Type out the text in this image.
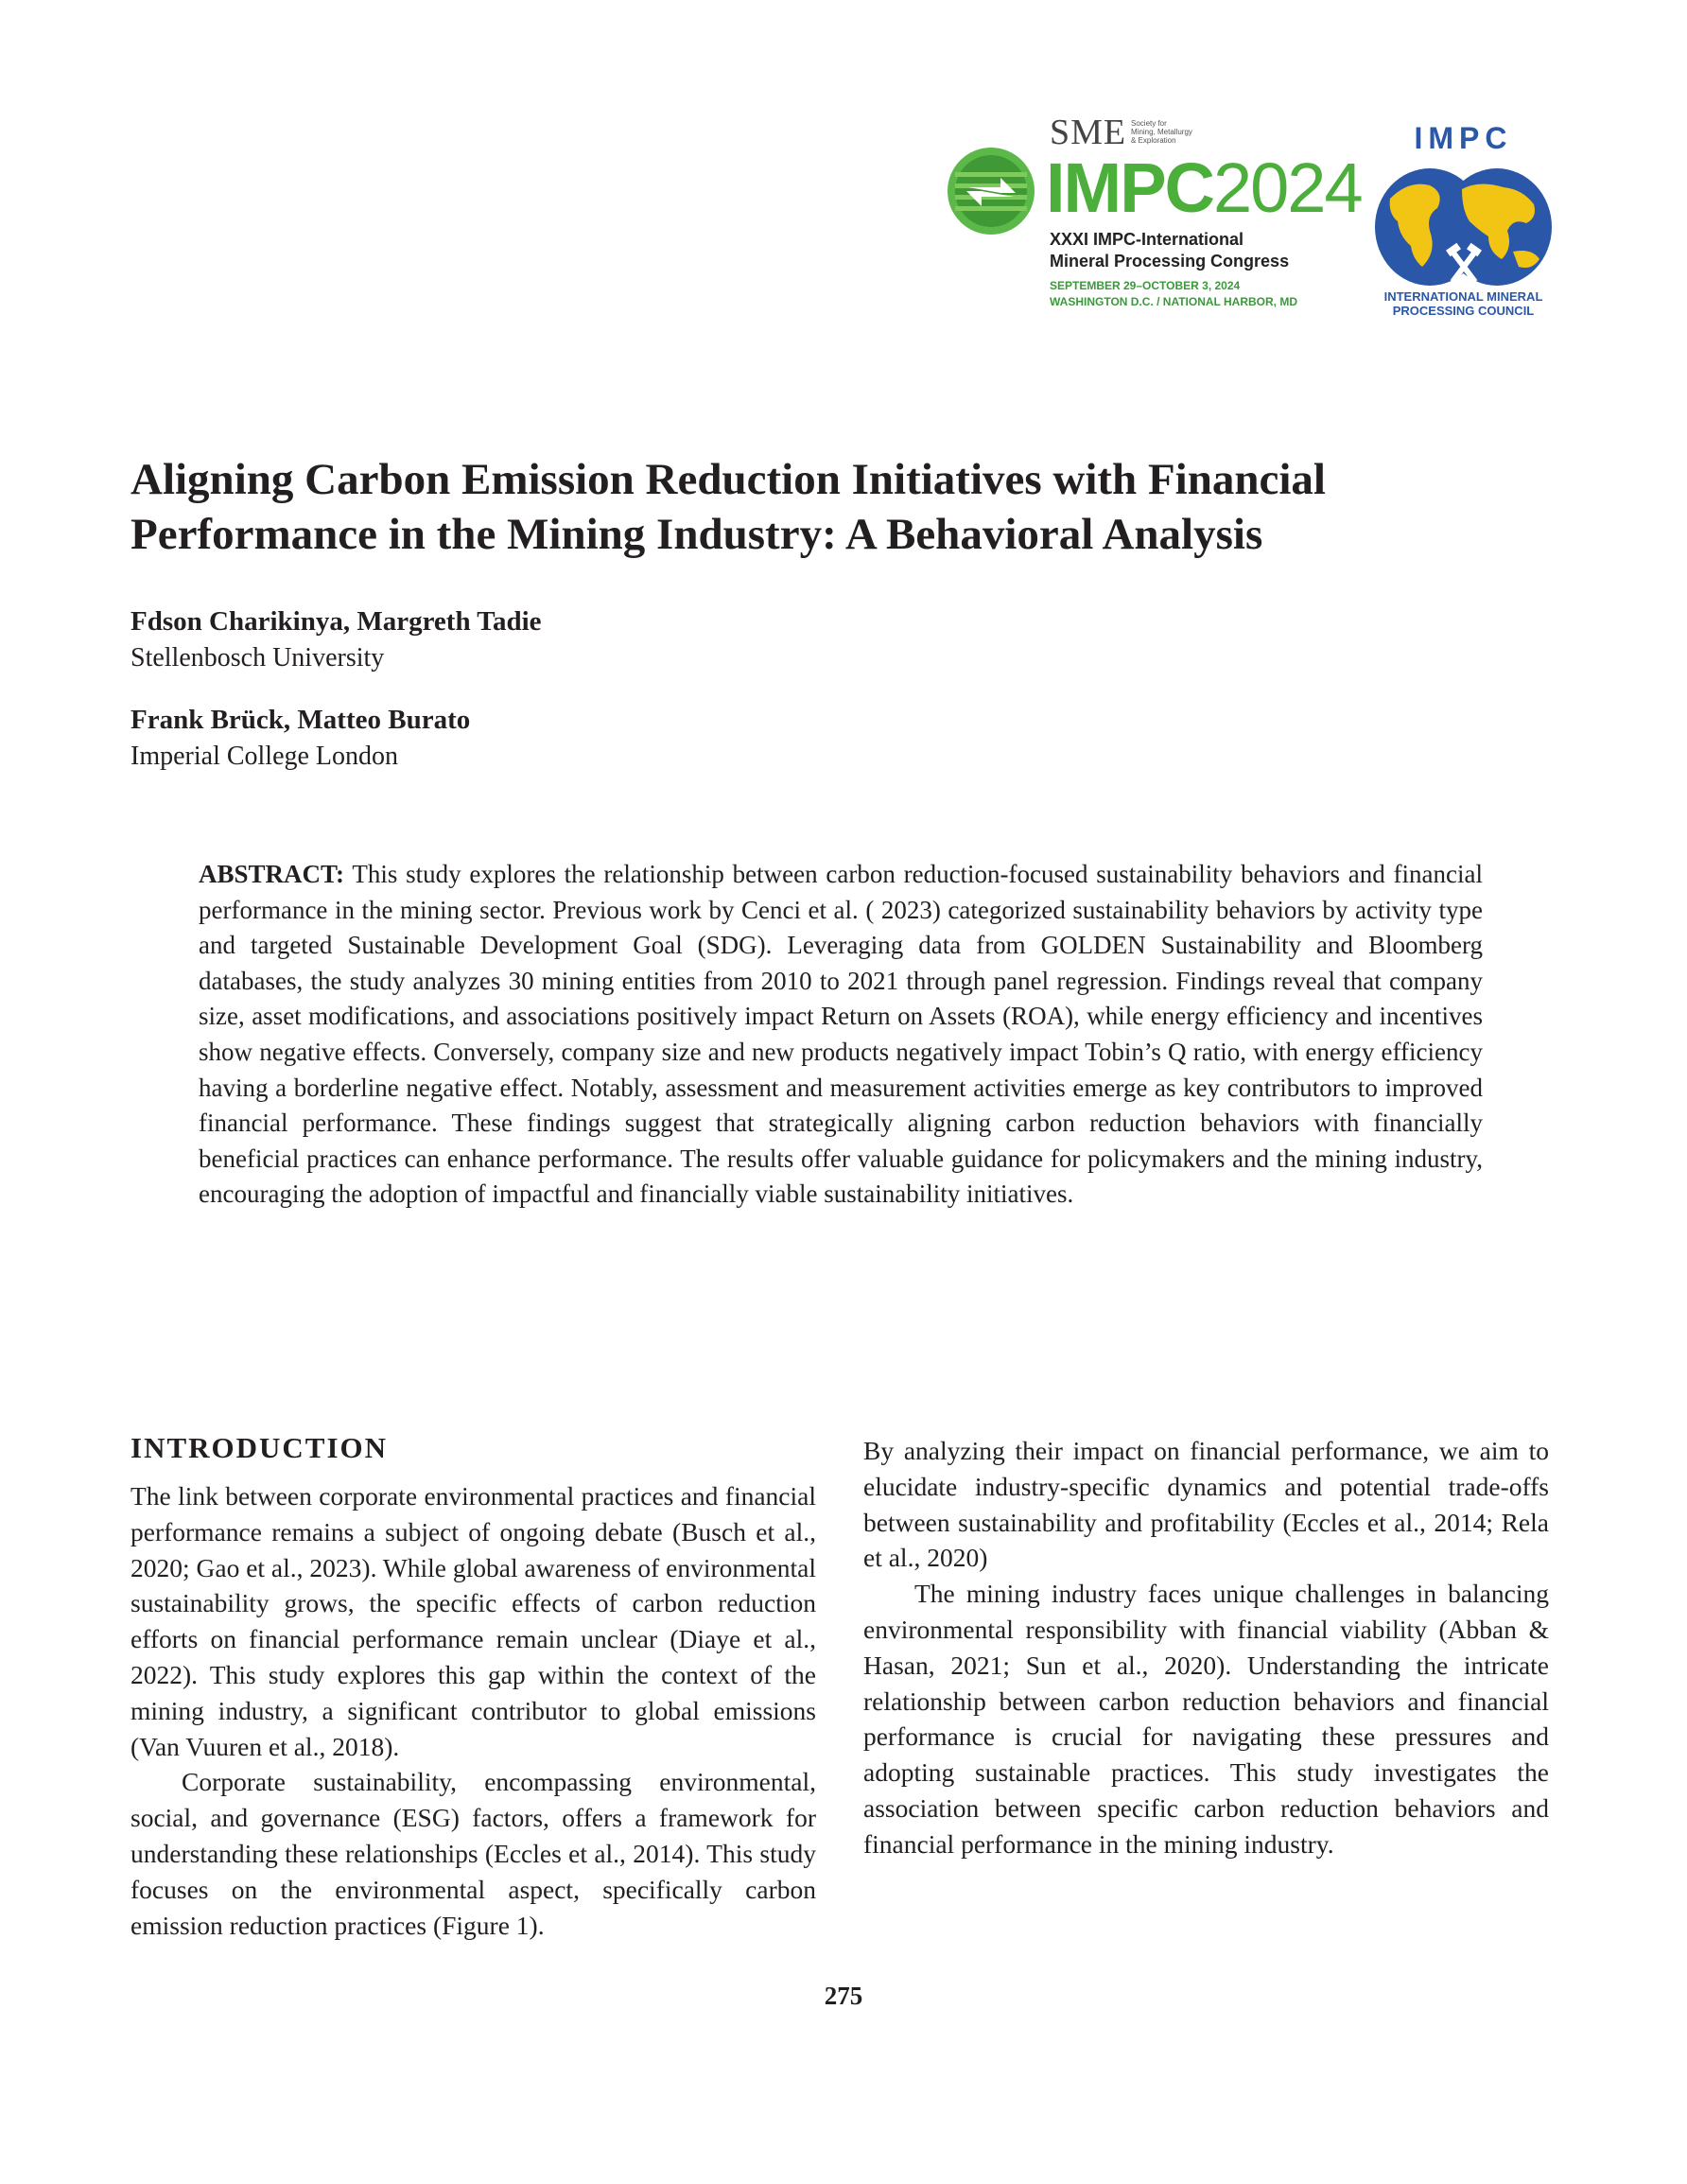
SME Society for
Mining, Metallurgy
& Exploration
IMPC2024
XXXI IMPC-International
Mineral Processing Congress
SEPTEMBER 29–OCTOBER 3, 2024
WASHINGTON D.C. / NATIONAL HARBOR, MD
IMPC
INTERNATIONAL MINERAL
PROCESSING COUNCIL
Aligning Carbon Emission Reduction Initiatives with Financial Performance in the Mining Industry: A Behavioral Analysis
Fdson Charikinya, Margreth Tadie
Stellenbosch University
Frank Brück, Matteo Burato
Imperial College London
ABSTRACT: This study explores the relationship between carbon reduction-focused sustainability behaviors and financial performance in the mining sector. Previous work by Cenci et al. ( 2023) categorized sustainability behaviors by activity type and targeted Sustainable Development Goal (SDG). Leveraging data from GOLDEN Sustainability and Bloomberg databases, the study analyzes 30 mining entities from 2010 to 2021 through panel regression. Findings reveal that company size, asset modifications, and associations positively impact Return on Assets (ROA), while energy efficiency and incentives show negative effects. Conversely, company size and new products negatively impact Tobin’s Q ratio, with energy efficiency having a borderline negative effect. Notably, assessment and measurement activities emerge as key contributors to improved financial performance. These findings suggest that strategically aligning carbon reduction behaviors with financially beneficial practices can enhance performance. The results offer valuable guidance for policymakers and the mining industry, encouraging the adoption of impactful and financially viable sustainability initiatives.
INTRODUCTION

The link between corporate environmental practices and financial performance remains a subject of ongoing debate (Busch et al., 2020; Gao et al., 2023). While global awareness of environmental sustainability grows, the specific effects of carbon reduction efforts on financial performance remain unclear (Diaye et al., 2022). This study explores this gap within the context of the mining industry, a significant contributor to global emissions (Van Vuuren et al., 2018).

Corporate sustainability, encompassing environmental, social, and governance (ESG) factors, offers a framework for understanding these relationships (Eccles et al., 2014). This study focuses on the environmental aspect, specifically carbon emission reduction practices (Figure 1).

By analyzing their impact on financial performance, we aim to elucidate industry-specific dynamics and potential trade-offs between sustainability and profitability (Eccles et al., 2014; Rela et al., 2020)

The mining industry faces unique challenges in balancing environmental responsibility with financial viability (Abban & Hasan, 2021; Sun et al., 2020). Understanding the intricate relationship between carbon reduction behaviors and financial performance is crucial for navigating these pressures and adopting sustainable practices. This study investigates the association between specific carbon reduction behaviors and financial performance in the mining industry.

275
